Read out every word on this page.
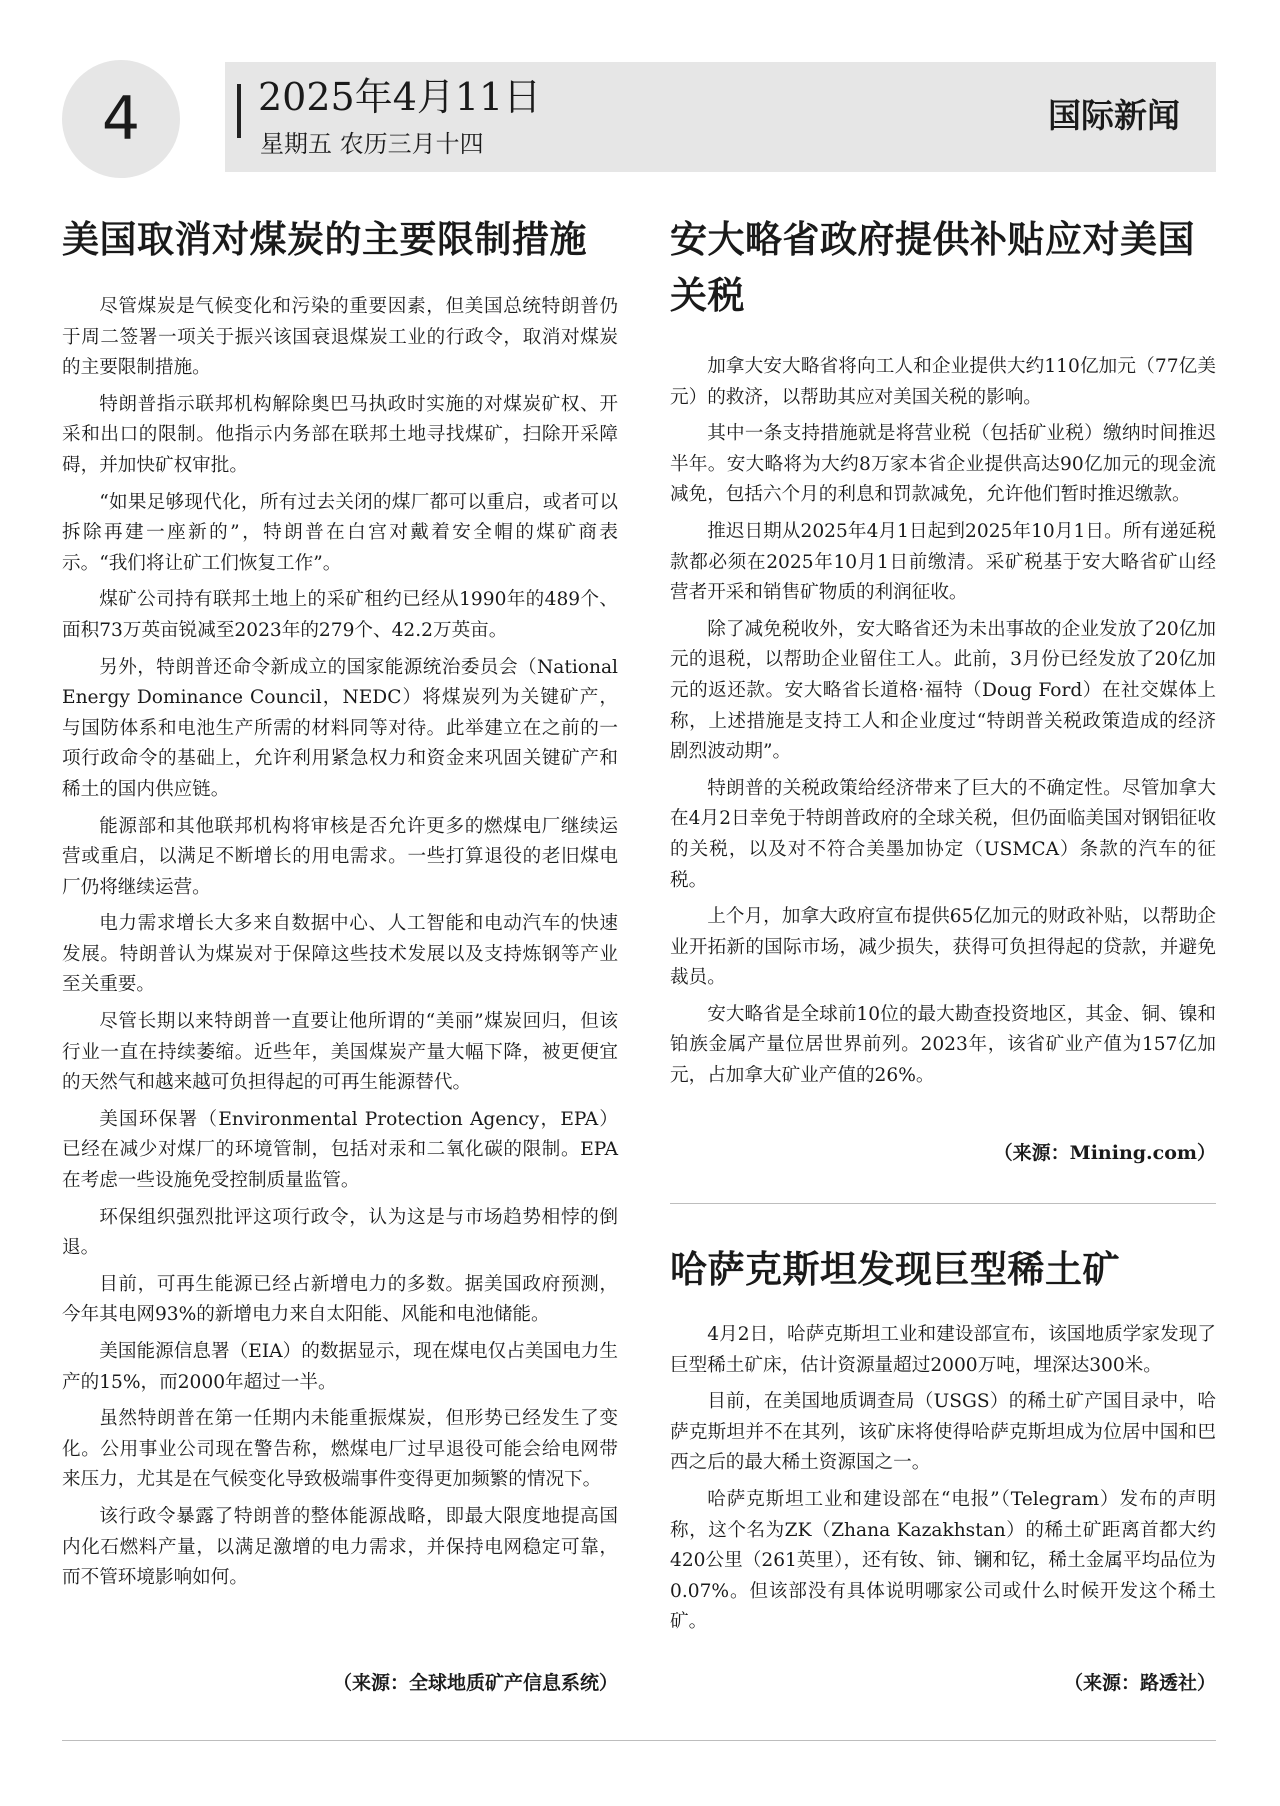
4	2025年4月11日
星期五 农历三月十四
国际新闻
美国取消对煤炭的主要限制措施

尽管煤炭是气候变化和污染的重要因素，但美国总统特朗普仍于周二签署一项关于振兴该国衰退煤炭工业的行政令，取消对煤炭的主要限制措施。

特朗普指示联邦机构解除奥巴马执政时实施的对煤炭矿权、开采和出口的限制。他指示内务部在联邦土地寻找煤矿，扫除开采障碍，并加快矿权审批。

“如果足够现代化，所有过去关闭的煤厂都可以重启，或者可以拆除再建一座新的”，特朗普在白宫对戴着安全帽的煤矿商表示。“我们将让矿工们恢复工作”。

煤矿公司持有联邦土地上的采矿租约已经从1990年的489个、面积73万英亩锐减至2023年的279个、42.2万英亩。

另外，特朗普还命令新成立的国家能源统治委员会（National Energy Dominance Council，NEDC）将煤炭列为关键矿产，与国防体系和电池生产所需的材料同等对待。此举建立在之前的一项行政命令的基础上，允许利用紧急权力和资金来巩固关键矿产和稀土的国内供应链。

能源部和其他联邦机构将审核是否允许更多的燃煤电厂继续运营或重启，以满足不断增长的用电需求。一些打算退役的老旧煤电厂仍将继续运营。

电力需求增长大多来自数据中心、人工智能和电动汽车的快速发展。特朗普认为煤炭对于保障这些技术发展以及支持炼钢等产业至关重要。

尽管长期以来特朗普一直要让他所谓的“美丽”煤炭回归，但该行业一直在持续萎缩。近些年，美国煤炭产量大幅下降，被更便宜的天然气和越来越可负担得起的可再生能源替代。

美国环保署（Environmental Protection Agency，EPA）已经在减少对煤厂的环境管制，包括对汞和二氧化碳的限制。EPA在考虑一些设施免受控制质量监管。

环保组织强烈批评这项行政令，认为这是与市场趋势相悖的倒退。

目前，可再生能源已经占新增电力的多数。据美国政府预测，今年其电网93%的新增电力来自太阳能、风能和电池储能。

美国能源信息署（EIA）的数据显示，现在煤电仅占美国电力生产的15%，而2000年超过一半。

虽然特朗普在第一任期内未能重振煤炭，但形势已经发生了变化。公用事业公司现在警告称，燃煤电厂过早退役可能会给电网带来压力，尤其是在气候变化导致极端事件变得更加频繁的情况下。

该行政令暴露了特朗普的整体能源战略，即最大限度地提高国内化石燃料产量，以满足激增的电力需求，并保持电网稳定可靠，而不管环境影响如何。

（来源：全球地质矿产信息系统）
安大略省政府提供补贴应对美国关税

加拿大安大略省将向工人和企业提供大约110亿加元（77亿美元）的救济，以帮助其应对美国关税的影响。

其中一条支持措施就是将营业税（包括矿业税）缴纳时间推迟半年。安大略将为大约8万家本省企业提供高达90亿加元的现金流减免，包括六个月的利息和罚款减免，允许他们暂时推迟缴款。

推迟日期从2025年4月1日起到2025年10月1日。所有递延税款都必须在2025年10月1日前缴清。采矿税基于安大略省矿山经营者开采和销售矿物质的利润征收。

除了减免税收外，安大略省还为未出事故的企业发放了20亿加元的退税，以帮助企业留住工人。此前，3月份已经发放了20亿加元的返还款。安大略省长道格·福特（Doug Ford）在社交媒体上称，上述措施是支持工人和企业度过“特朗普关税政策造成的经济剧烈波动期”。

特朗普的关税政策给经济带来了巨大的不确定性。尽管加拿大在4月2日幸免于特朗普政府的全球关税，但仍面临美国对钢铝征收的关税，以及对不符合美墨加协定（USMCA）条款的汽车的征税。

上个月，加拿大政府宣布提供65亿加元的财政补贴，以帮助企业开拓新的国际市场，减少损失，获得可负担得起的贷款，并避免裁员。

安大略省是全球前10位的最大勘查投资地区，其金、铜、镍和铂族金属产量位居世界前列。2023年，该省矿业产值为157亿加元，占加拿大矿业产值的26%。

（来源：Mining.com）
哈萨克斯坦发现巨型稀土矿

4月2日，哈萨克斯坦工业和建设部宣布，该国地质学家发现了巨型稀土矿床，估计资源量超过2000万吨，埋深达300米。

目前，在美国地质调查局（USGS）的稀土矿产国目录中，哈萨克斯坦并不在其列，该矿床将使得哈萨克斯坦成为位居中国和巴西之后的最大稀土资源国之一。

哈萨克斯坦工业和建设部在“电报”（Telegram）发布的声明称，这个名为ZK（Zhana Kazakhstan）的稀土矿距离首都大约420公里（261英里），还有钕、铈、镧和钇，稀土金属平均品位为0.07%。但该部没有具体说明哪家公司或什么时候开发这个稀土矿。

（来源：路透社）
